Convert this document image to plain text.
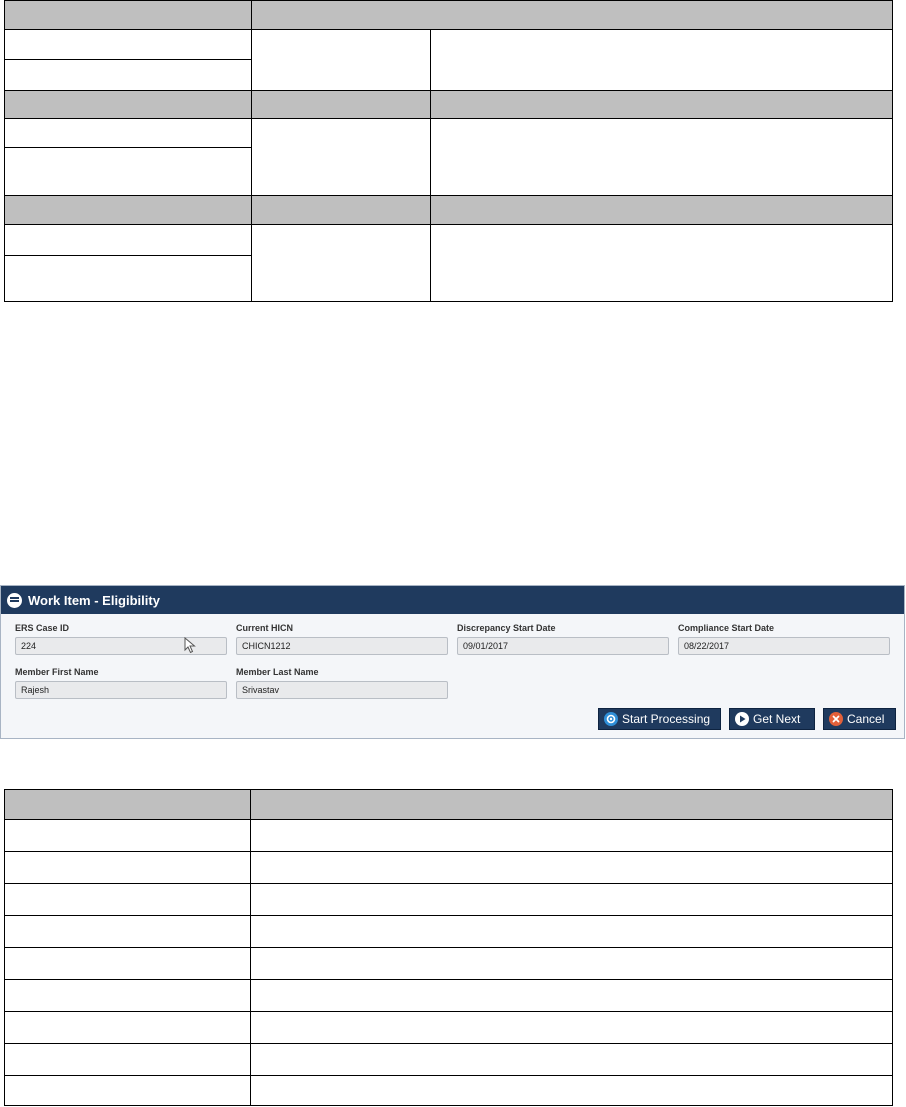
Work Item - Eligibility
ERS Case ID
224
Current HICN
CHICN1212
Discrepancy Start Date
09/01/2017
Compliance Start Date
08/22/2017
Member First Name
Rajesh
Member Last Name
Srivastav
Start Processing	Get Next	Cancel
